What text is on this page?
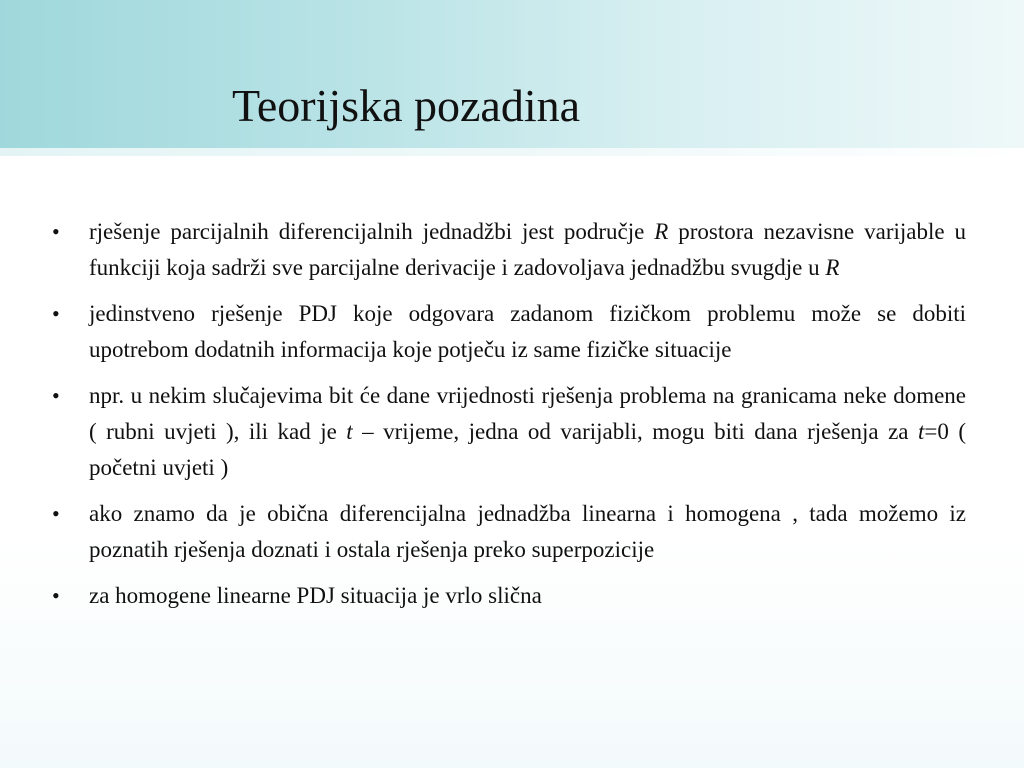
Teorijska pozadina
• rješenje parcijalnih diferencijalnih jednadžbi jest područje R prostora nezavisne varijable u funkciji koja sadrži sve parcijalne derivacije i zadovoljava jednadžbu svugdje u R
• jedinstveno rješenje PDJ koje odgovara zadanom fizičkom problemu može se dobiti upotrebom dodatnih informacija koje potječu iz same fizičke situacije
• npr. u nekim slučajevima bit će dane vrijednosti rješenja problema na granicama neke domene ( rubni uvjeti ), ili kad je t – vrijeme, jedna od varijabli, mogu biti dana rješenja za t=0 ( početni uvjeti )
• ako znamo da je obična diferencijalna jednadžba linearna i homogena , tada možemo iz poznatih rješenja doznati i ostala rješenja preko superpozicije
• za homogene linearne PDJ situacija je vrlo slična
